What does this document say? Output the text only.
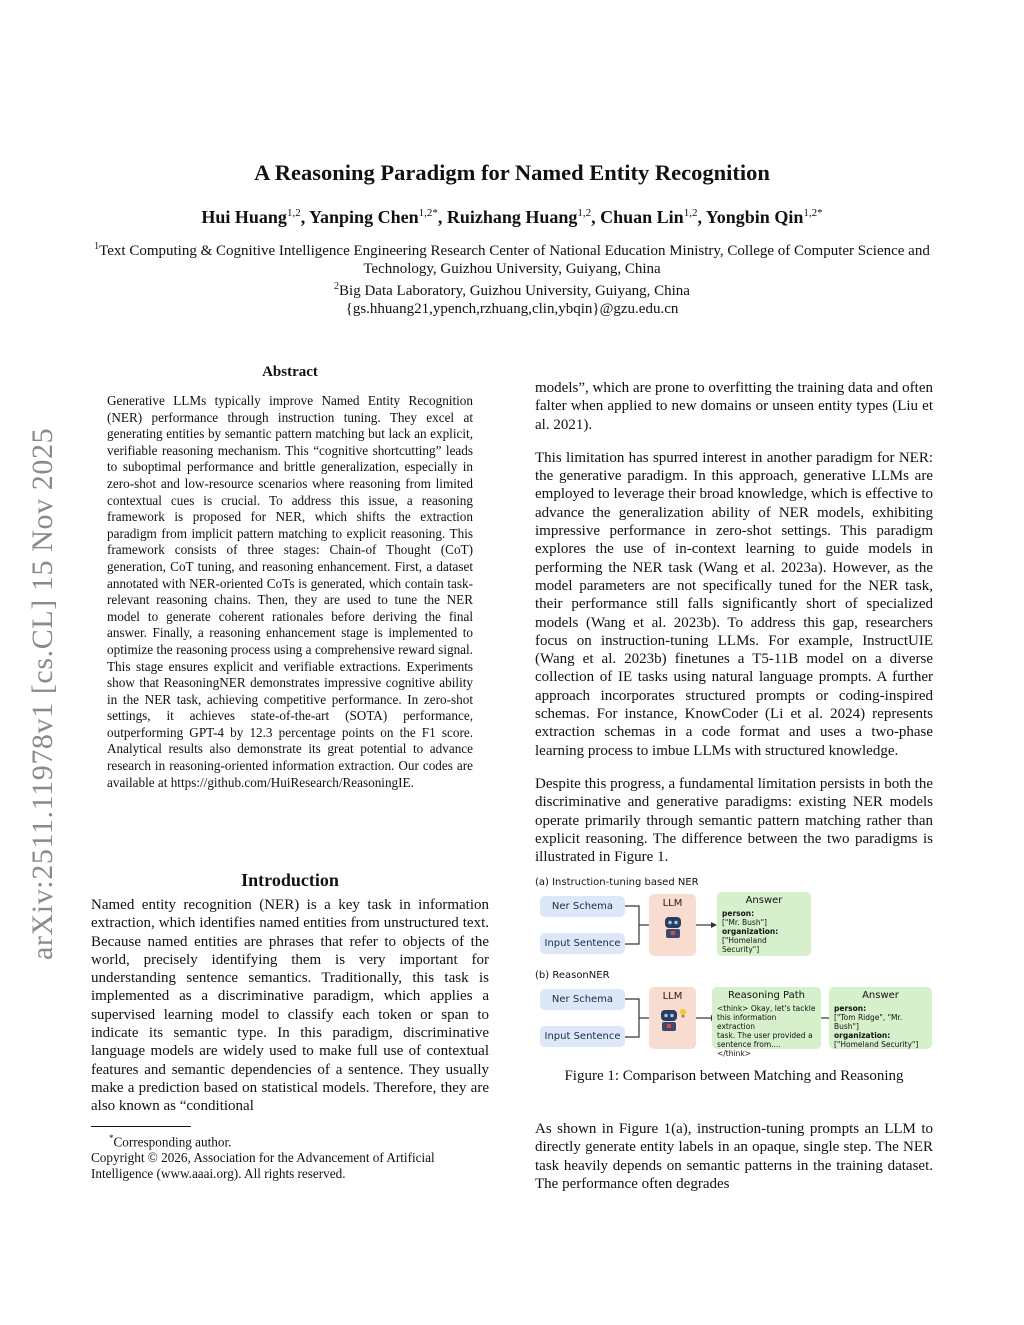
arXiv:2511.11978v1 [cs.CL] 15 Nov 2025
A Reasoning Paradigm for Named Entity Recognition
Hui Huang$^{1,2}$, Yanping Chen$^{1,2*}$, Ruizhang Huang$^{1,2}$, Chuan Lin$^{1,2}$, Yongbin Qin$^{1,2*}$
$^1$Text Computing & Cognitive Intelligence Engineering Research Center of National Education Ministry, College of Computer Science and Technology, Guizhou University, Guiyang, China
$^2$Big Data Laboratory, Guizhou University, Guiyang, China
{gs.hhuang21,ypench,rzhuang,clin,ybqin}@gzu.edu.cn
Abstract
Generative LLMs typically improve Named Entity Recognition (NER) performance through instruction tuning. They excel at generating entities by semantic pattern matching but lack an explicit, verifiable reasoning mechanism. This “cognitive shortcutting” leads to suboptimal performance and brittle generalization, especially in zero-shot and low-resource scenarios where reasoning from limited contextual cues is crucial. To address this issue, a reasoning framework is proposed for NER, which shifts the extraction paradigm from implicit pattern matching to explicit reasoning. This framework consists of three stages: Chain-of Thought (CoT) generation, CoT tuning, and reasoning enhancement. First, a dataset annotated with NER-oriented CoTs is generated, which contain task-relevant reasoning chains. Then, they are used to tune the NER model to generate coherent rationales before deriving the final answer. Finally, a reasoning enhancement stage is implemented to optimize the reasoning process using a comprehensive reward signal. This stage ensures explicit and verifiable extractions. Experiments show that ReasoningNER demonstrates impressive cognitive ability in the NER task, achieving competitive performance. In zero-shot settings, it achieves state-of-the-art (SOTA) performance, outperforming GPT-4 by 12.3 percentage points on the F1 score. Analytical results also demonstrate its great potential to advance research in reasoning-oriented information extraction. Our codes are available at https://github.com/HuiResearch/ReasoningIE.
Introduction

Named entity recognition (NER) is a key task in information extraction, which identifies named entities from unstructured text. Because named entities are phrases that refer to objects of the world, precisely identifying them is very important for understanding sentence semantics. Traditionally, this task is implemented as a discriminative paradigm, which applies a supervised learning model to classify each token or span to indicate its semantic type. In this paradigm, discriminative language models are widely used to make full use of contextual features and semantic dependencies of a sentence. They usually make a prediction based on statistical models. Therefore, they are also known as “conditional

*Corresponding author.
Copyright © 2026, Association for the Advancement of Artificial Intelligence (www.aaai.org). All rights reserved.

models”, which are prone to overfitting the training data and often falter when applied to new domains or unseen entity types (Liu et al. 2021).

This limitation has spurred interest in another paradigm for NER: the generative paradigm. In this approach, generative LLMs are employed to leverage their broad knowledge, which is effective to advance the generalization ability of NER models, exhibiting impressive performance in zero-shot settings. This paradigm explores the use of in-context learning to guide models in performing the NER task (Wang et al. 2023a). However, as the model parameters are not specifically tuned for the NER task, their performance still falls significantly short of specialized models (Wang et al. 2023b). To address this gap, researchers focus on instruction-tuning LLMs. For example, InstructUIE (Wang et al. 2023b) finetunes a T5-11B model on a diverse collection of IE tasks using natural language prompts. A further approach incorporates structured prompts or coding-inspired schemas. For instance, KnowCoder (Li et al. 2024) represents extraction schemas in a code format and uses a two-phase learning process to imbue LLMs with structured knowledge.

Despite this progress, a fundamental limitation persists in both the discriminative and generative paradigms: existing NER models operate primarily through semantic pattern matching rather than explicit reasoning. The difference between the two paradigms is illustrated in Figure 1.

(a) Instruction-tuning based NER
Ner Schema
Input Sentence
LLM	Answer
person:
["Mr. Bush"]
organization:
["Homeland Security"]
(b) ReasonNER
Ner Schema
Input Sentence
LLM	Reasoning Path
<think> Okay, let's tackle
this information extraction
task. The user provided a
sentence from.... </think>
Answer
person:
["Tom Ridge", "Mr. Bush"]
organization:
["Homeland Security"]
Figure 1: Comparison between Matching and Reasoning

As shown in Figure 1(a), instruction-tuning prompts an LLM to directly generate entity labels in an opaque, single step. The NER task heavily depends on semantic patterns in the training dataset. The performance often degrades
